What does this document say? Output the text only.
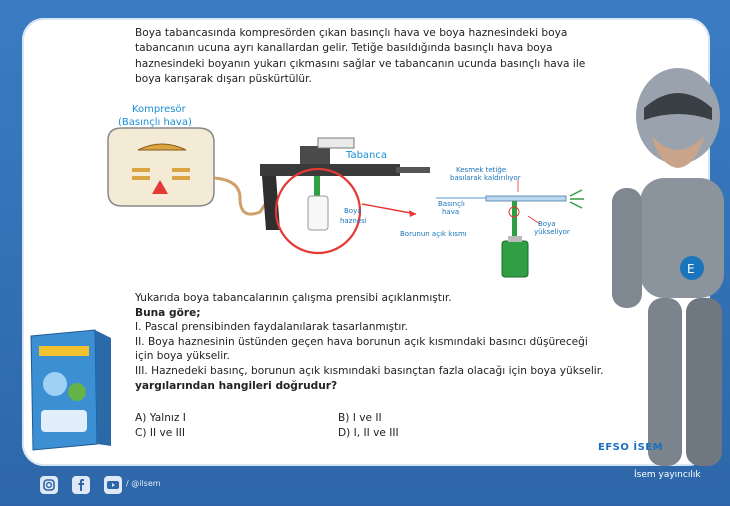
Boya tabancasında kompresörden çıkan basınçlı hava ve boya haznesindeki boya tabancanın ucuna ayrı kanallardan gelir. Tetiğe basıldığında basınçlı hava boya haznesindeki boyanın yukarı çıkmasını sağlar ve tabancanın ucunda basınçlı hava ile boya karışarak dışarı püskürtülür.
Kompresör
(Basınçlı hava)
Tabanca
Boya
haznesi
Kesmek tetiğe
basılarak kaldırılıyor
Basınçlı
hava
Boya
yükseliyor
Borunun açık kısmı
Yukarıda boya tabancalarının çalışma prensibi açıklanmıştır.
Buna göre;
I. Pascal prensibinden faydalanılarak tasarlanmıştır.
II. Boya haznesinin üstünden geçen hava borunun açık kısmındaki basıncı düşüreceği için boya yükselir.
III. Haznedeki basınç, borunun açık kısmındaki basınçtan fazla olacağı için boya yükselir.
yargılarından hangileri doğrudur?
A) Yalnız I	B) I ve II
C) II ve III	D) I, II ve III
E
EFSO İSEM
/ @ilsem
İsem yayıncılık
